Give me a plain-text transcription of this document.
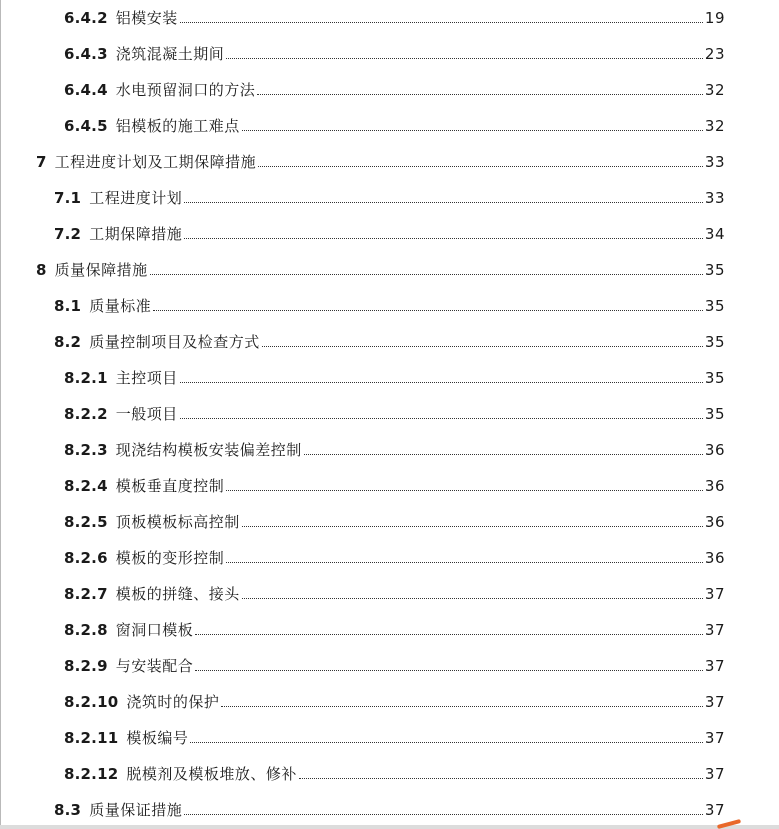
6.4.2 铝模安装	19
6.4.3 浇筑混凝土期间	23
6.4.4 水电预留洞口的方法	32
6.4.5 铝模板的施工难点	32
7 工程进度计划及工期保障措施	33
7.1 工程进度计划	33
7.2 工期保障措施	34
8 质量保障措施	35
8.1 质量标准	35
8.2 质量控制项目及检查方式	35
8.2.1 主控项目	35
8.2.2 一般项目	35
8.2.3 现浇结构模板安装偏差控制	36
8.2.4 模板垂直度控制	36
8.2.5 顶板模板标高控制	36
8.2.6 模板的变形控制	36
8.2.7 模板的拼缝、接头	37
8.2.8 窗洞口模板	37
8.2.9 与安装配合	37
8.2.10 浇筑时的保护	37
8.2.11 模板编号	37
8.2.12 脱模剂及模板堆放、修补	37
8.3 质量保证措施	37
